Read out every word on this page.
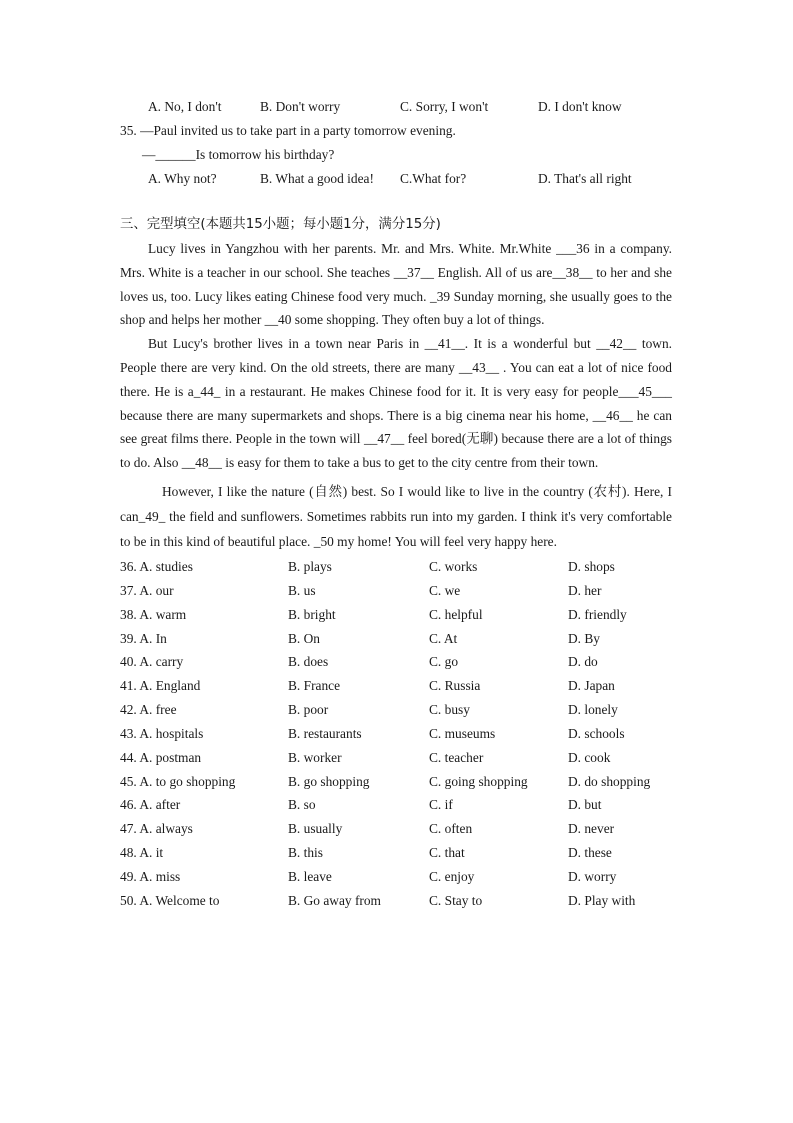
A. No, I don't	B. Don't worry	C. Sorry, I won't	D. I don't know
35. —Paul invited us to take part in a party tomorrow evening.
—______Is tomorrow his birthday?
A. Why not?	B. What a good idea!	C.What for?	D. That's all right
三、完型填空(本题共15小题；每小题1分，满分15分)

Lucy lives in Yangzhou with her parents. Mr. and Mrs. White. Mr.White ___36 in a company. Mrs. White is a teacher in our school. She teaches __37__ English. All of us are__38__ to her and she loves us, too. Lucy likes eating Chinese food very much. _39 Sunday morning, she usually goes to the shop and helps her mother __40 some shopping. They often buy a lot of things.

But Lucy's brother lives in a town near Paris in __41__. It is a wonderful but __42__ town. People there are very kind. On the old streets, there are many __43__ . You can eat a lot of nice food there. He is a_44_ in a restaurant. He makes Chinese food for it. It is very easy for people___45___ because there are many supermarkets and shops. There is a big cinema near his home, __46__ he can see great films there. People in the town will __47__ feel bored(无聊) because there are a lot of things to do. Also __48__ is easy for them to take a bus to get to the city centre from their town.

However, I like the nature (自然) best. So I would like to live in the country (农村). Here, I can_49_ the field and sunflowers. Sometimes rabbits run into my garden. I think it's very comfortable to be in this kind of beautiful place. _50 my home! You will feel very happy here.

36. A. studies	B. plays	C. works	D. shops
37. A. our	B. us	C. we	D. her
38. A. warm	B. bright	C. helpful	D. friendly
39. A. In	B. On	C. At	D. By
40. A. carry	B. does	C. go	D. do
41. A. England	B. France	C. Russia	D. Japan
42. A. free	B. poor	C. busy	D. lonely
43. A. hospitals	B. restaurants	C. museums	D. schools
44. A. postman	B. worker	C. teacher	D. cook
45. A. to go shopping	B. go shopping	C. going shopping	D. do shopping
46. A. after	B. so	C. if	D. but
47. A. always	B. usually	C. often	D. never
48. A. it	B. this	C. that	D. these
49. A. miss	B. leave	C. enjoy	D. worry
50. A. Welcome to	B. Go away from	C. Stay to	D. Play with
